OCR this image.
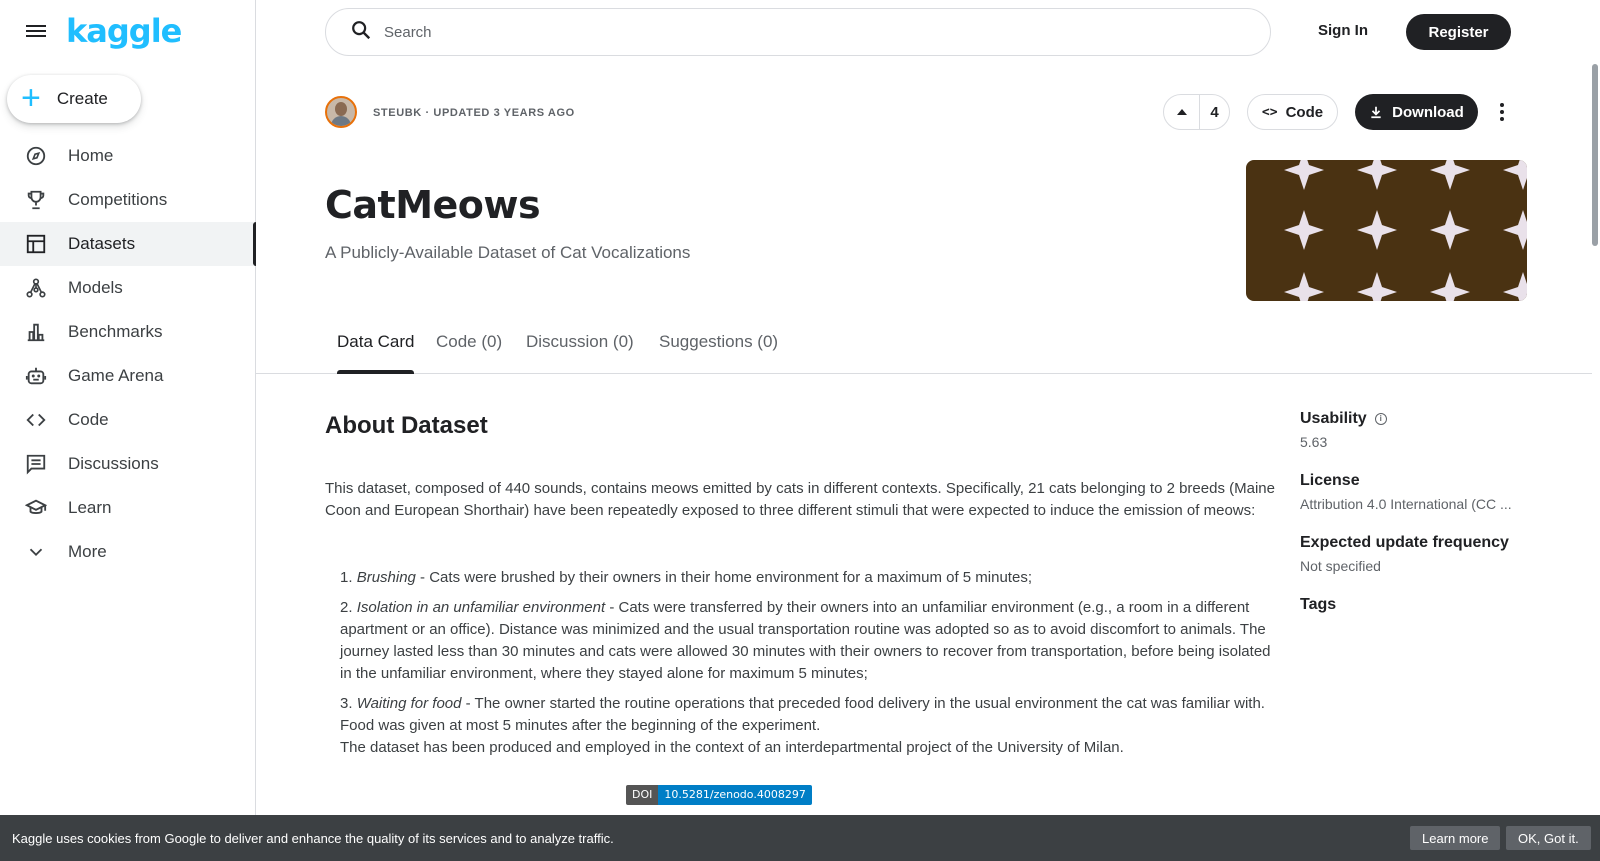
kaggle
+ Create
Home
Competitions
Datasets
Models
Benchmarks
Game Arena
Code
Discussions
Learn
More
Search
Sign In	Register
STEUBK · UPDATED 3 YEARS AGO	4	<> Code	Download
CatMeows
A Publicly-Available Dataset of Cat Vocalizations
Data Card Code (0) Discussion (0) Suggestions (0)
About Dataset
This dataset, composed of 440 sounds, contains meows emitted by cats in different contexts. Specifically, 21 cats belonging to 2 breeds (Maine Coon and European Shorthair) have been repeatedly exposed to three different stimuli that were expected to induce the emission of meows:
1. Brushing - Cats were brushed by their owners in their home environment for a maximum of 5 minutes;
2. Isolation in an unfamiliar environment - Cats were transferred by their owners into an unfamiliar environment (e.g., a room in a different apartment or an office). Distance was minimized and the usual transportation routine was adopted so as to avoid discomfort to animals. The journey lasted less than 30 minutes and cats were allowed 30 minutes with their owners to recover from transportation, before being isolated in the unfamiliar environment, where they stayed alone for maximum 5 minutes;
3. Waiting for food - The owner started the routine operations that preceded food delivery in the usual environment the cat was familiar with. Food was given at most 5 minutes after the beginning of the experiment.
The dataset has been produced and employed in the context of an interdepartmental project of the University of Milan.
DOI	10.5281/zenodo.4008297
Usability	i
5.63
License
Attribution 4.0 International (CC ...
Expected update frequency
Not specified
Tags
Kaggle uses cookies from Google to deliver and enhance the quality of its services and to analyze traffic.	Learn more	OK, Got it.
